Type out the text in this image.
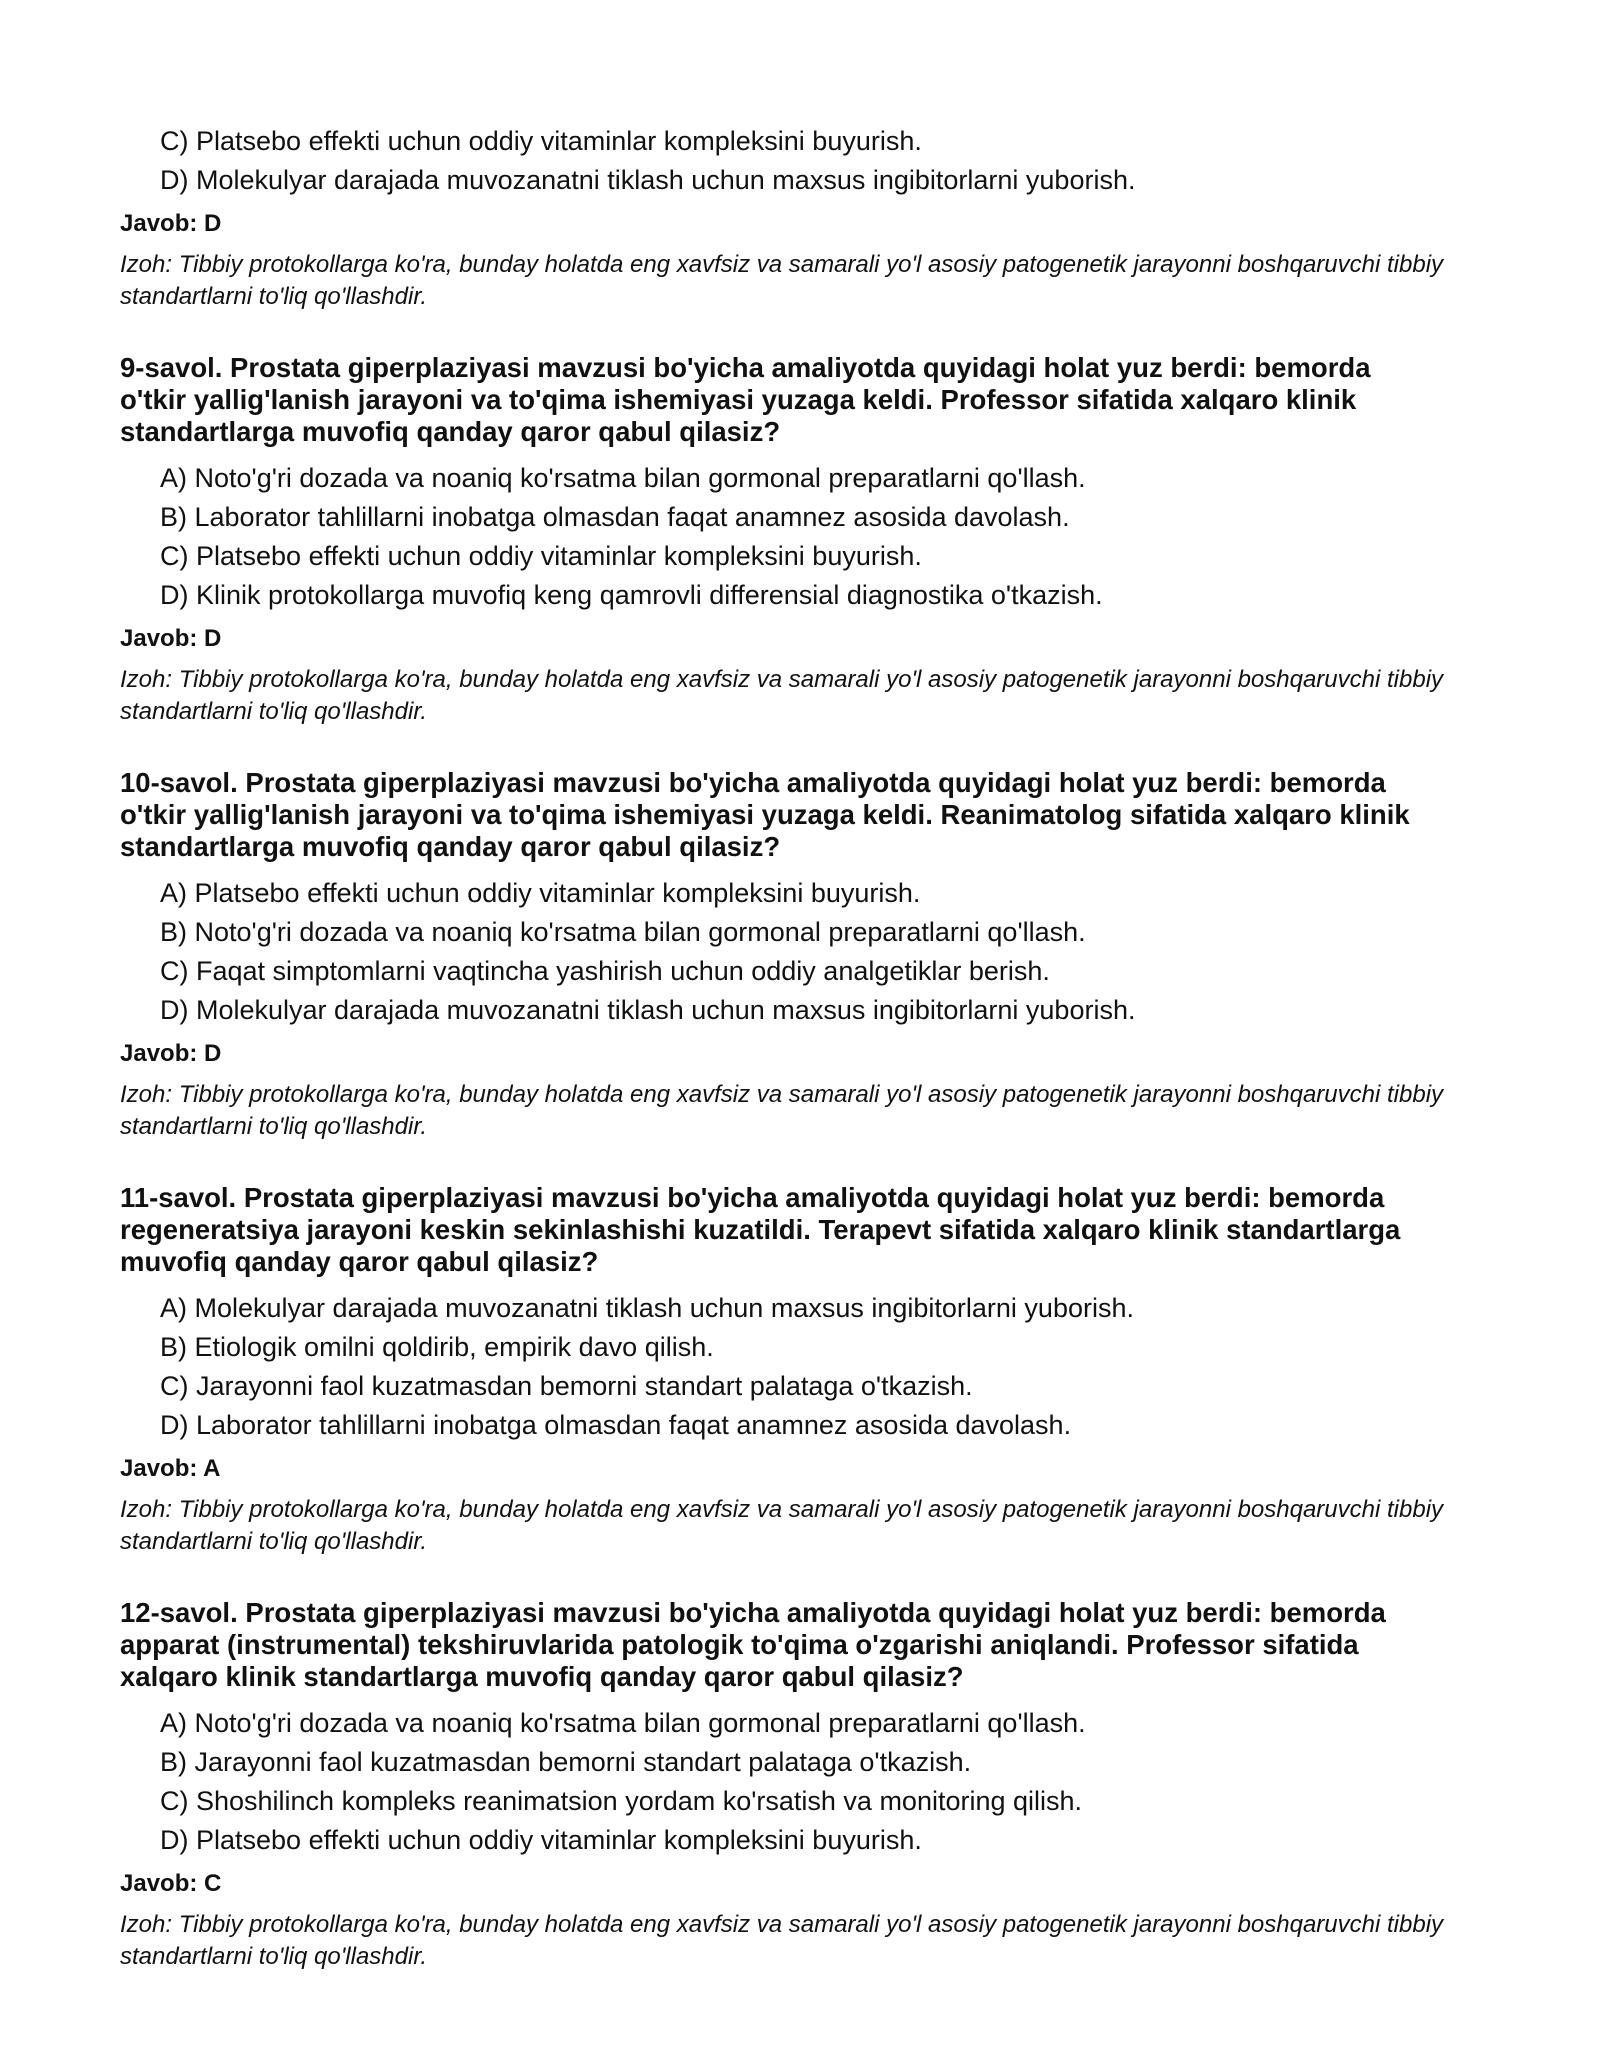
C) Platsebo effekti uchun oddiy vitaminlar kompleksini buyurish.
D) Molekulyar darajada muvozanatni tiklash uchun maxsus ingibitorlarni yuborish.
Javob: D
Izoh: Tibbiy protokollarga ko'ra, bunday holatda eng xavfsiz va samarali yo'l asosiy patogenetik jarayonni boshqaruvchi tibbiy standartlarni to'liq qo'llashdir.
9-savol. Prostata giperplaziyasi mavzusi bo'yicha amaliyotda quyidagi holat yuz berdi: bemorda
o'tkir yallig'lanish jarayoni va to'qima ishemiyasi yuzaga keldi. Professor sifatida xalqaro klinik
standartlarga muvofiq qanday qaror qabul qilasiz?
A) Noto'g'ri dozada va noaniq ko'rsatma bilan gormonal preparatlarni qo'llash.
B) Laborator tahlillarni inobatga olmasdan faqat anamnez asosida davolash.
C) Platsebo effekti uchun oddiy vitaminlar kompleksini buyurish.
D) Klinik protokollarga muvofiq keng qamrovli differensial diagnostika o'tkazish.
Javob: D
Izoh: Tibbiy protokollarga ko'ra, bunday holatda eng xavfsiz va samarali yo'l asosiy patogenetik jarayonni boshqaruvchi tibbiy standartlarni to'liq qo'llashdir.
10-savol. Prostata giperplaziyasi mavzusi bo'yicha amaliyotda quyidagi holat yuz berdi: bemorda
o'tkir yallig'lanish jarayoni va to'qima ishemiyasi yuzaga keldi. Reanimatolog sifatida xalqaro klinik
standartlarga muvofiq qanday qaror qabul qilasiz?
A) Platsebo effekti uchun oddiy vitaminlar kompleksini buyurish.
B) Noto'g'ri dozada va noaniq ko'rsatma bilan gormonal preparatlarni qo'llash.
C) Faqat simptomlarni vaqtincha yashirish uchun oddiy analgetiklar berish.
D) Molekulyar darajada muvozanatni tiklash uchun maxsus ingibitorlarni yuborish.
Javob: D
Izoh: Tibbiy protokollarga ko'ra, bunday holatda eng xavfsiz va samarali yo'l asosiy patogenetik jarayonni boshqaruvchi tibbiy standartlarni to'liq qo'llashdir.
11-savol. Prostata giperplaziyasi mavzusi bo'yicha amaliyotda quyidagi holat yuz berdi: bemorda
regeneratsiya jarayoni keskin sekinlashishi kuzatildi. Terapevt sifatida xalqaro klinik standartlarga
muvofiq qanday qaror qabul qilasiz?
A) Molekulyar darajada muvozanatni tiklash uchun maxsus ingibitorlarni yuborish.
B) Etiologik omilni qoldirib, empirik davo qilish.
C) Jarayonni faol kuzatmasdan bemorni standart palataga o'tkazish.
D) Laborator tahlillarni inobatga olmasdan faqat anamnez asosida davolash.
Javob: A
Izoh: Tibbiy protokollarga ko'ra, bunday holatda eng xavfsiz va samarali yo'l asosiy patogenetik jarayonni boshqaruvchi tibbiy standartlarni to'liq qo'llashdir.
12-savol. Prostata giperplaziyasi mavzusi bo'yicha amaliyotda quyidagi holat yuz berdi: bemorda
apparat (instrumental) tekshiruvlarida patologik to'qima o'zgarishi aniqlandi. Professor sifatida
xalqaro klinik standartlarga muvofiq qanday qaror qabul qilasiz?
A) Noto'g'ri dozada va noaniq ko'rsatma bilan gormonal preparatlarni qo'llash.
B) Jarayonni faol kuzatmasdan bemorni standart palataga o'tkazish.
C) Shoshilinch kompleks reanimatsion yordam ko'rsatish va monitoring qilish.
D) Platsebo effekti uchun oddiy vitaminlar kompleksini buyurish.
Javob: C
Izoh: Tibbiy protokollarga ko'ra, bunday holatda eng xavfsiz va samarali yo'l asosiy patogenetik jarayonni boshqaruvchi tibbiy standartlarni to'liq qo'llashdir.
